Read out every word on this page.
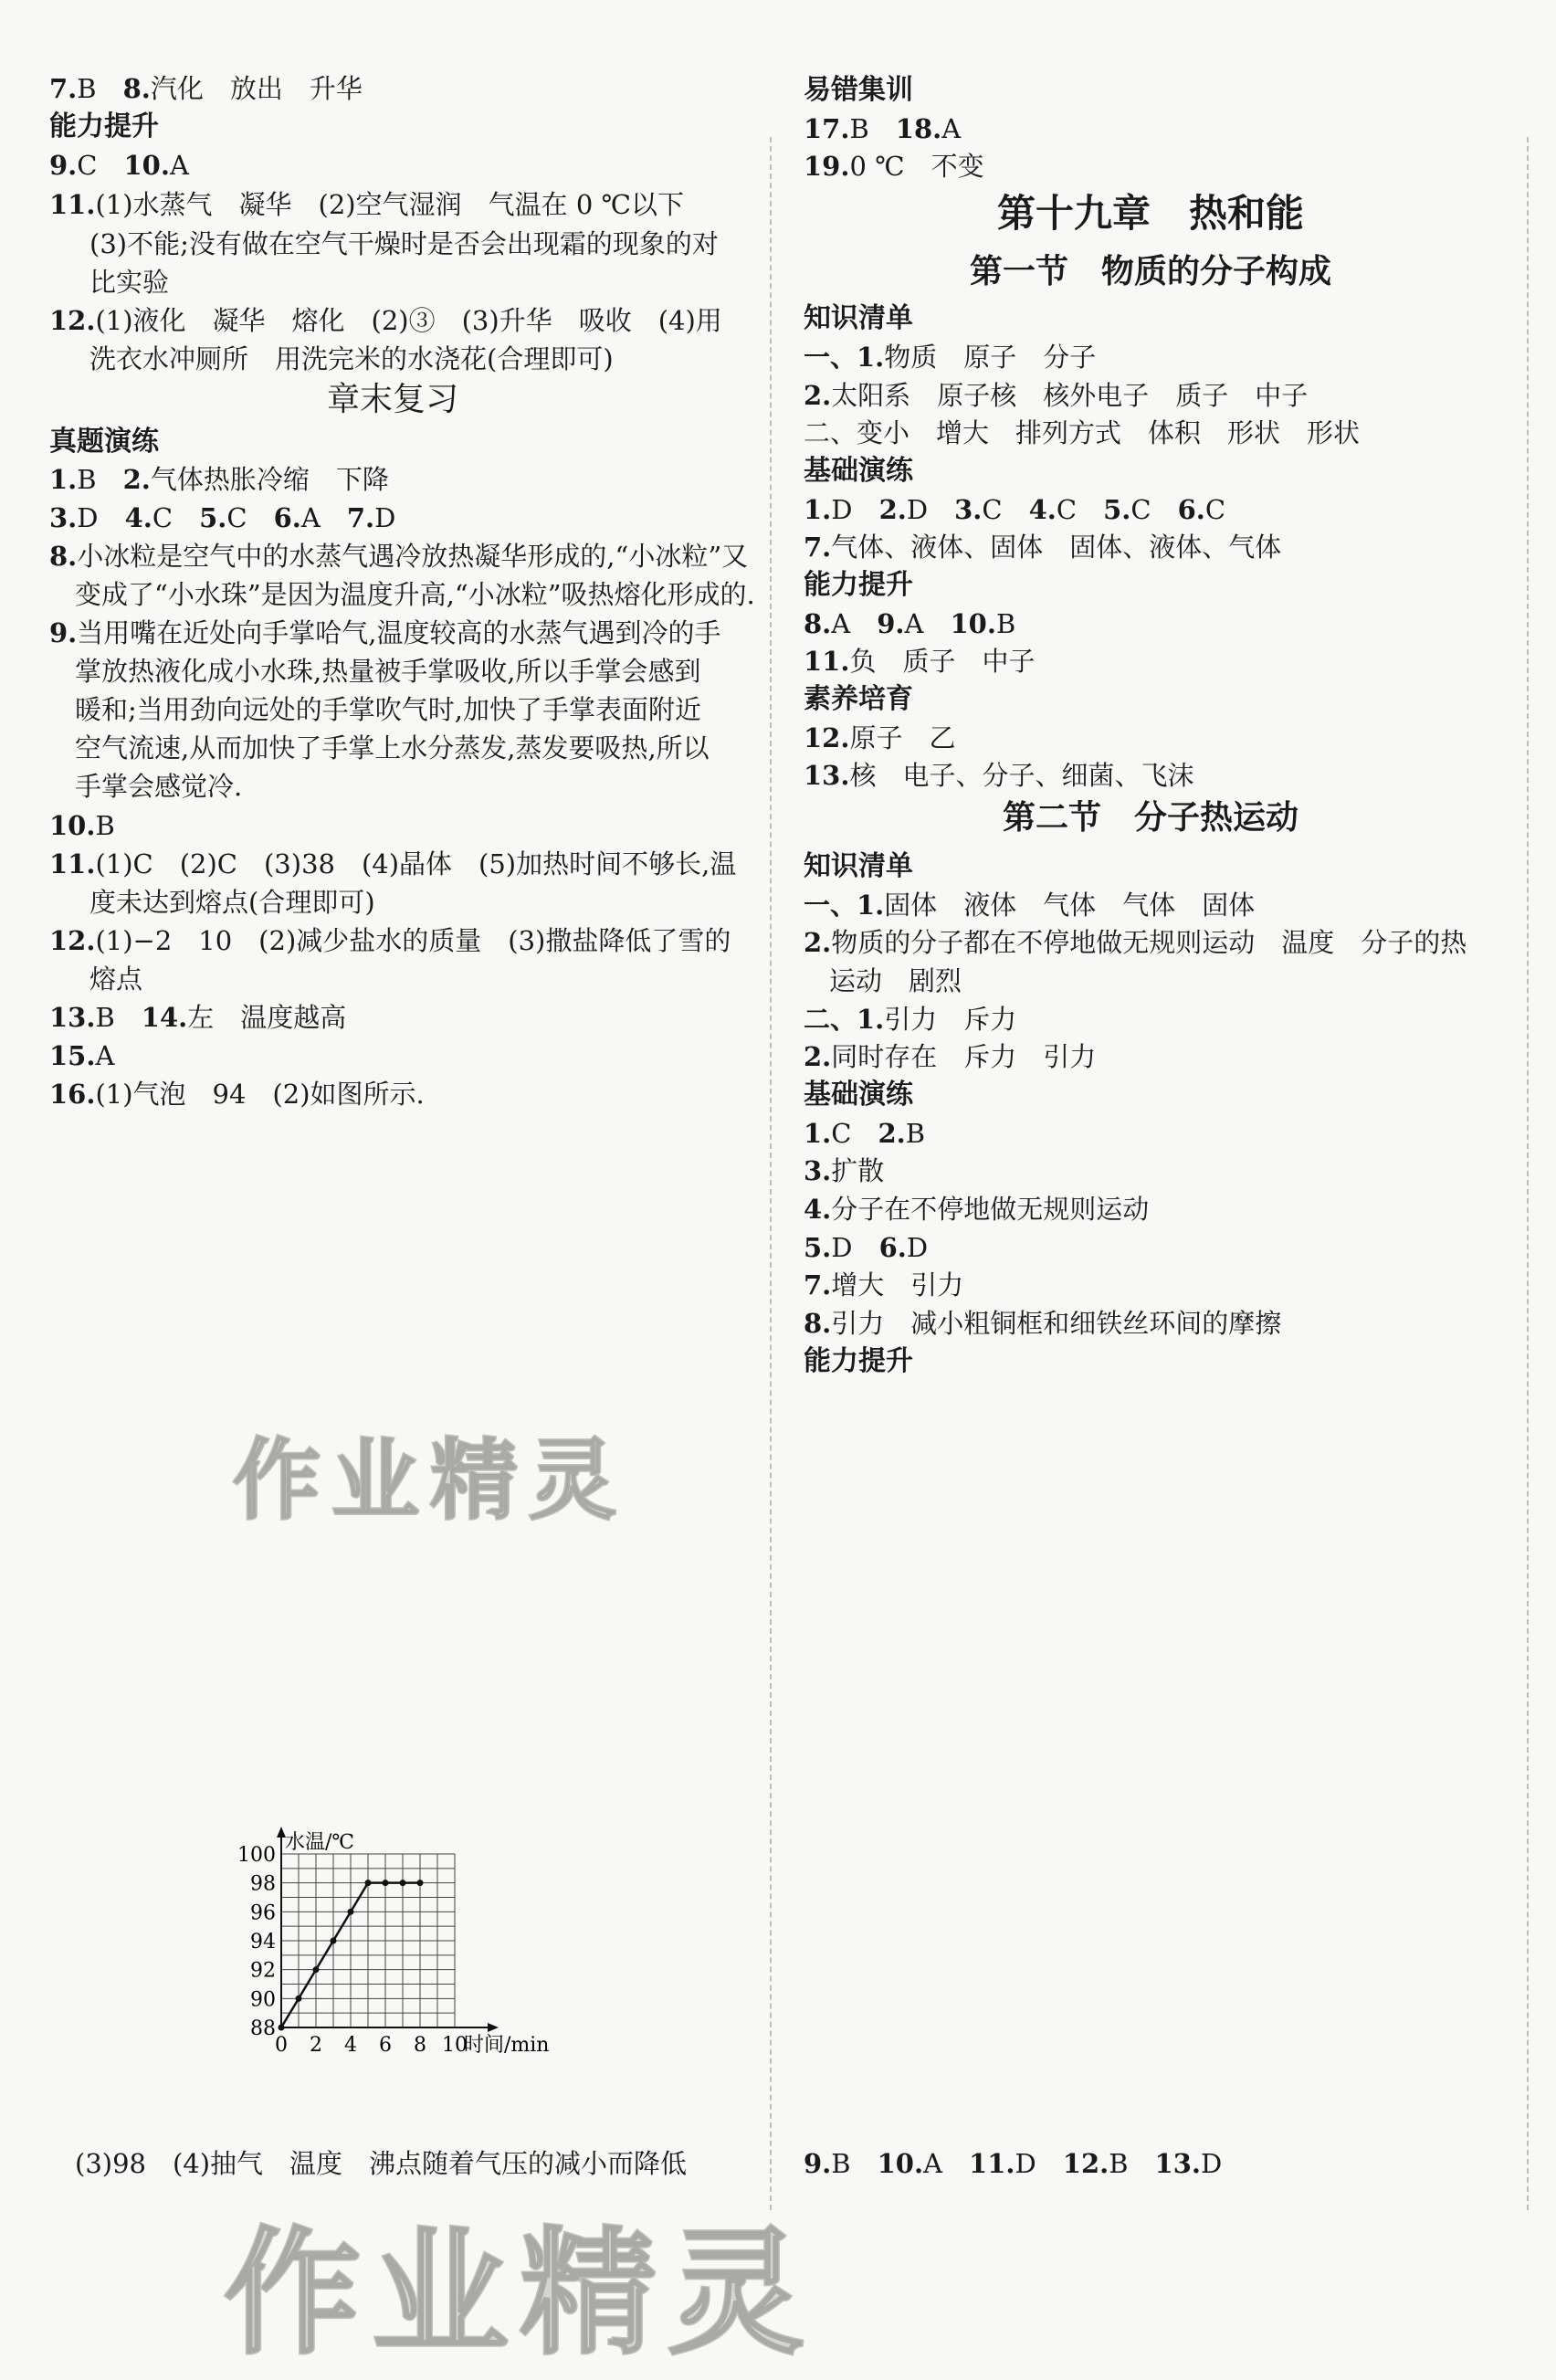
7.B　 8.汽化　放出　升华
能力提升
9.C　 10.A
11.(1)水蒸气　凝华　(2)空气湿润　气温在 0 ℃以下
(3)不能;没有做在空气干燥时是否会出现霜的现象的对
比实验
12.(1)液化　凝华　熔化　(2)③　(3)升华　吸收　(4)用
洗衣水冲厕所　用洗完米的水浇花(合理即可)
章末复习
真题演练
1.B　 2.气体热胀冷缩　下降
3.D　 4.C　 5.C　 6.A　 7.D
8.小冰粒是空气中的水蒸气遇冷放热凝华形成的,“小冰粒”又
变成了“小水珠”是因为温度升高,“小冰粒”吸热熔化形成的.
9.当用嘴在近处向手掌哈气,温度较高的水蒸气遇到冷的手
掌放热液化成小水珠,热量被手掌吸收,所以手掌会感到
暖和;当用劲向远处的手掌吹气时,加快了手掌表面附近
空气流速,从而加快了手掌上水分蒸发,蒸发要吸热,所以
手掌会感觉冷.
10.B
11.(1)C　(2)C　(3)38　(4)晶体　(5)加热时间不够长,温
度未达到熔点(合理即可)
12.(1)−2　10　(2)减少盐水的质量　(3)撒盐降低了雪的
熔点
13.B　 14.左　温度越高
15.A
16.(1)气泡　94　(2)如图所示.
0 2 4 6 8 10
88
90
92
94
96
98
100
水温/℃
时间/min
(3)98　(4)抽气　温度　沸点随着气压的减小而降低
易错集训
17.B　 18.A
19.0 ℃　不变
第十九章　热和能
第一节　物质的分子构成
知识清单
一、1.物质　原子　分子
2.太阳系　原子核　核外电子　质子　中子
二、变小　增大　排列方式　体积　形状　形状
基础演练
1.D　 2.D　 3.C　 4.C　 5.C　 6.C
7.气体、液体、固体　固体、液体、气体
能力提升
8.A　 9.A　 10.B
11.负　质子　中子
素养培育
12.原子　乙
13.核　电子、分子、细菌、飞沫
第二节　分子热运动
知识清单
一、1.固体　液体　气体　气体　固体
2.物质的分子都在不停地做无规则运动　温度　分子的热
运动　剧烈
二、1.引力　斥力
2.同时存在　斥力　引力
基础演练
1.C　 2.B
3.扩散
4.分子在不停地做无规则运动
5.D　 6.D
7.增大　引力
8.引力　减小粗铜框和细铁丝环间的摩擦
能力提升
9.B　 10.A　 11.D　 12.B　 13.D
作业精灵
作业精灵
